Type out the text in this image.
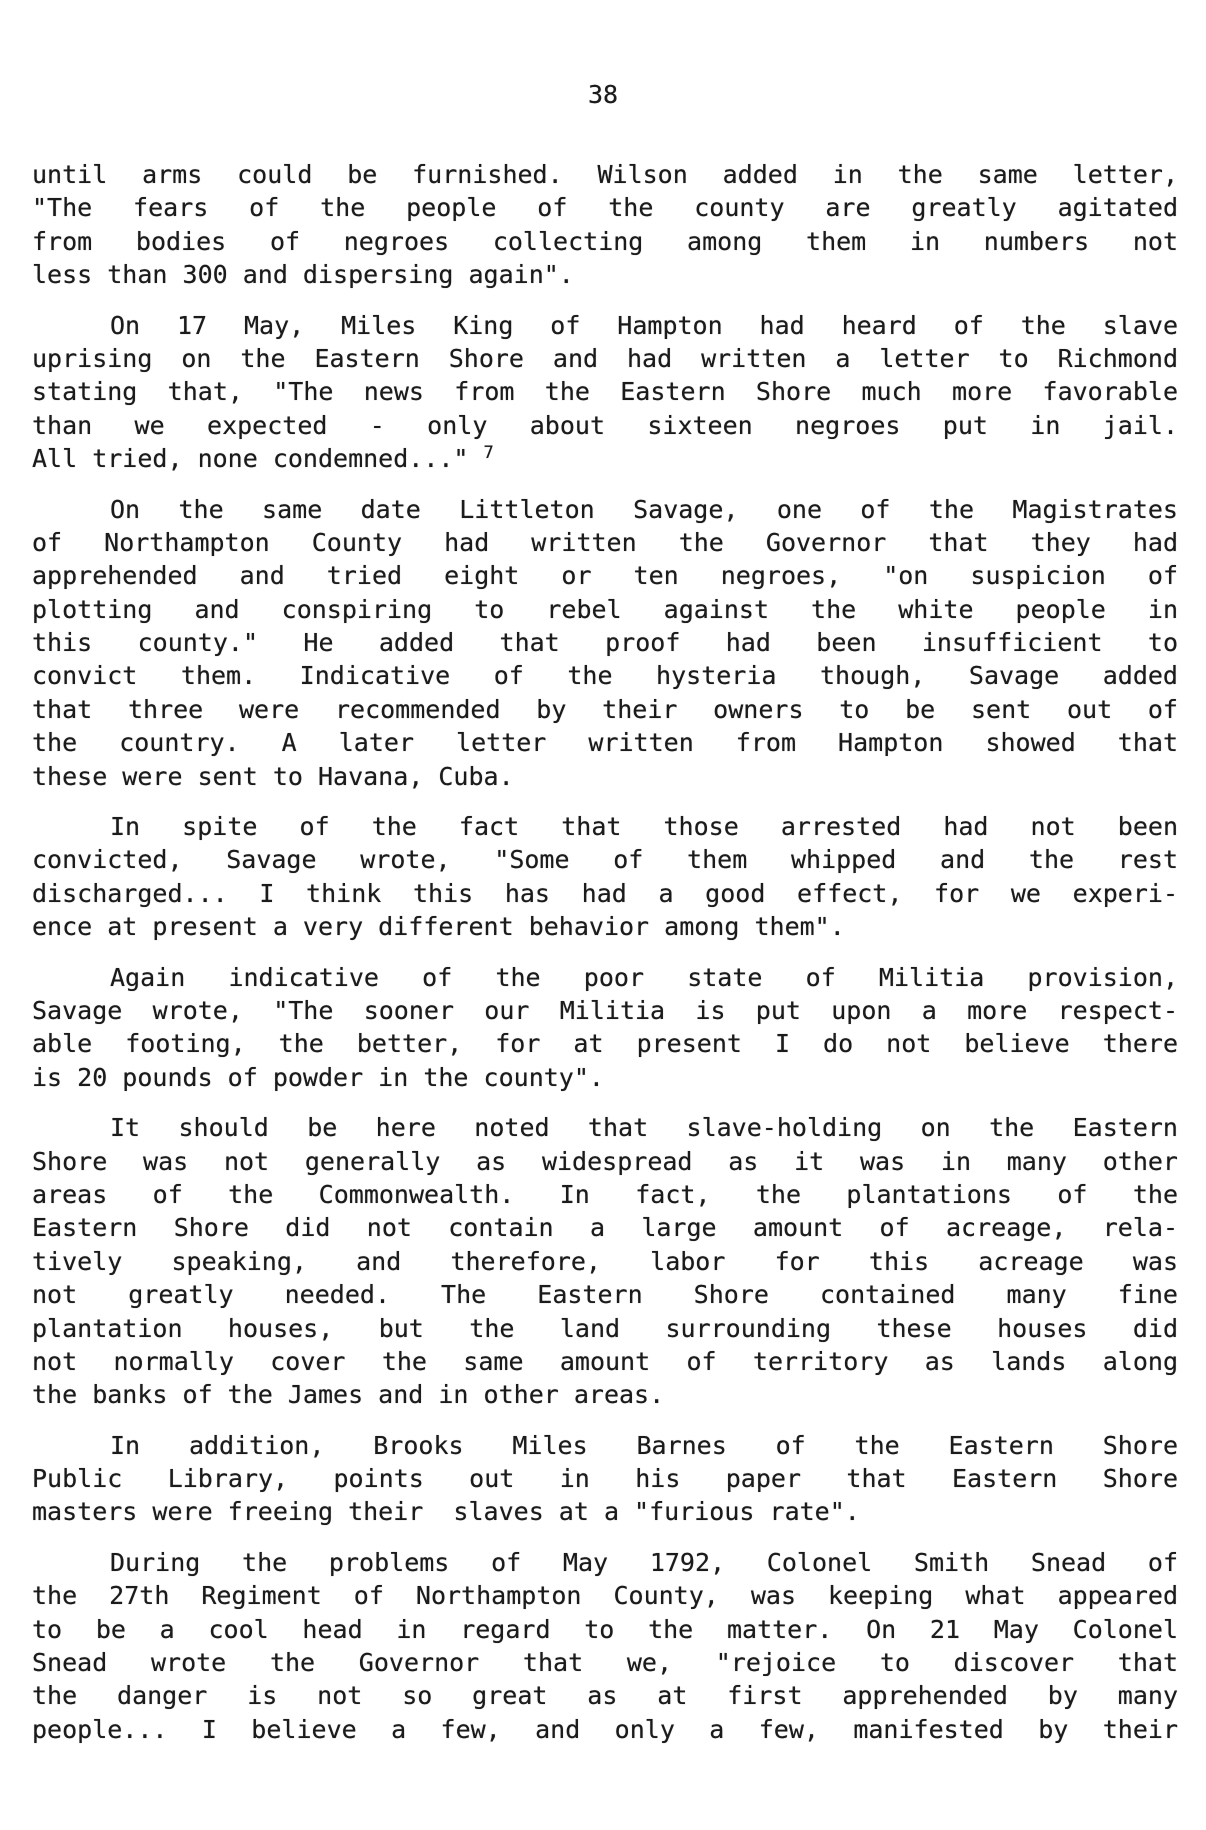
38
until arms could be furnished. Wilson added in the same letter,
"The fears of the people of the county are greatly agitated
from bodies of negroes collecting among them in numbers not
less than 300 and dispersing again".
On 17 May, Miles King of Hampton had heard of the slave
uprising on the Eastern Shore and had written a letter to Richmond
stating that, "The news from the Eastern Shore much more favorable
than we expected - only about sixteen negroes put in jail.
All tried, none condemned..." $^7$
On the same date Littleton Savage, one of the Magistrates
of Northampton County had written the Governor that they had
apprehended and tried eight or ten negroes, "on suspicion of
plotting and conspiring to rebel against the white people in
this county." He added that proof had been insufficient to
convict them. Indicative of the hysteria though, Savage added
that three were recommended by their owners to be sent out of
the country. A later letter written from Hampton showed that
these were sent to Havana, Cuba.
In spite of the fact that those arrested had not been
convicted, Savage wrote, "Some of them whipped and the rest
discharged... I think this has had a good effect, for we experi-
ence at present a very different behavior among them".
Again indicative of the poor state of Militia provision,
Savage wrote, "The sooner our Militia is put upon a more respect-
able footing, the better, for at present I do not believe there
is 20 pounds of powder in the county".
It should be here noted that slave-holding on the Eastern
Shore was not generally as widespread as it was in many other
areas of the Commonwealth. In fact, the plantations of the
Eastern Shore did not contain a large amount of acreage, rela-
tively speaking, and therefore, labor for this acreage was
not greatly needed. The Eastern Shore contained many fine
plantation houses, but the land surrounding these houses did
not normally cover the same amount of territory as lands along
the banks of the James and in other areas.
In addition, Brooks Miles Barnes of the Eastern Shore
Public Library, points out in his paper that Eastern Shore
masters were freeing their  slaves at a "furious rate".
During the problems of May 1792, Colonel Smith Snead of
the 27th Regiment of Northampton County, was keeping what appeared
to be a cool head in regard to the matter. On 21 May Colonel
Snead wrote the Governor that we, "rejoice to discover that
the danger is not so great as at first apprehended by many
people... I believe a few, and only a few, manifested by their
